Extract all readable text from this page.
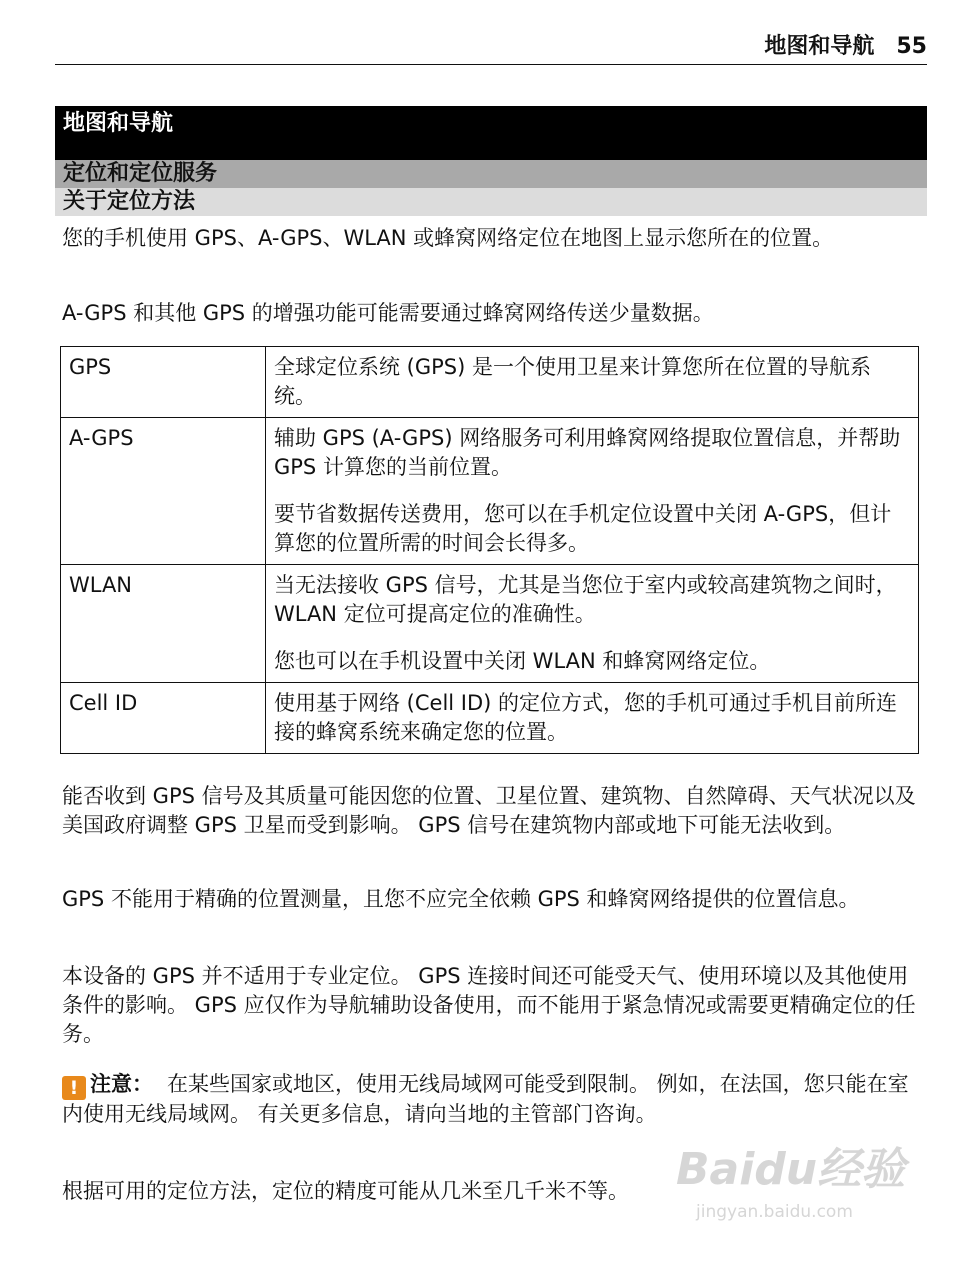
地图和导航 55
地图和导航
定位和定位服务
关于定位方法

您的手机使用 GPS、A-GPS、WLAN 或蜂窝网络定位在地图上显示您所在的位置。

A-GPS 和其他 GPS 的增强功能可能需要通过蜂窝网络传送少量数据。

GPS	全球定位系统 (GPS) 是一个使用卫星来计算您所在位置的导航系统。

A-GPS	辅助 GPS (A-GPS) 网络服务可利用蜂窝网络提取位置信息，并帮助 GPS 计算您的当前位置。

要节省数据传送费用，您可以在手机定位设置中关闭 A-GPS，但计算您的位置所需的时间会长得多。

WLAN	当无法接收 GPS 信号，尤其是当您位于室内或较高建筑物之间时，WLAN 定位可提高定位的准确性。

您也可以在手机设置中关闭 WLAN 和蜂窝网络定位。

Cell ID	使用基于网络 (Cell ID) 的定位方式，您的手机可通过手机目前所连接的蜂窝系统来确定您的位置。

能否收到 GPS 信号及其质量可能因您的位置、卫星位置、建筑物、自然障碍、天气状况以及美国政府调整 GPS 卫星而受到影响。 GPS 信号在建筑物内部或地下可能无法收到。

GPS 不能用于精确的位置测量，且您不应完全依赖 GPS 和蜂窝网络提供的位置信息。

本设备的 GPS 并不适用于专业定位。 GPS 连接时间还可能受天气、使用环境以及其他使用条件的影响。 GPS 应仅作为导航辅助设备使用，而不能用于紧急情况或需要更精确定位的任务。

! 注意： 在某些国家或地区，使用无线局域网可能受到限制。 例如，在法国，您只能在室内使用无线局域网。 有关更多信息，请向当地的主管部门咨询。

根据可用的定位方法，定位的精度可能从几米至几千米不等。	Baidu经验
jingyan.baidu.com
